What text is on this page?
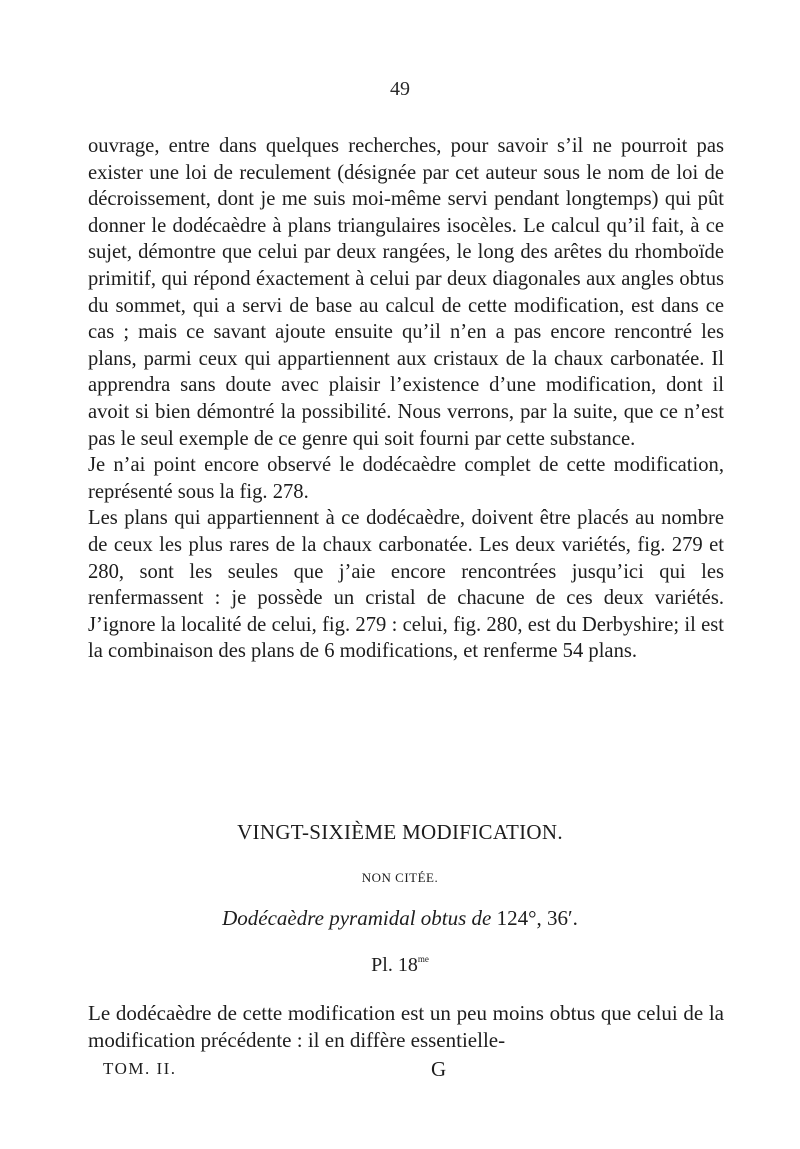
49

ouvrage, entre dans quelques recherches, pour savoir s’il ne pourroit pas exister une loi de reculement (désignée par cet auteur sous le nom de loi de décroissement, dont je me suis moi-même servi pendant longtemps) qui pût donner le dodécaèdre à plans triangulaires isocèles. Le calcul qu’il fait, à ce sujet, démontre que celui par deux rangées, le long des arêtes du rhomboïde primitif, qui répond éxactement à celui par deux diagonales aux angles obtus du sommet, qui a servi de base au calcul de cette modification, est dans ce cas ; mais ce savant ajoute ensuite qu’il n’en a pas encore rencontré les plans, parmi ceux qui appartiennent aux cristaux de la chaux carbonatée. Il apprendra sans doute avec plaisir l’existence d’une modification, dont il avoit si bien démontré la possibilité. Nous verrons, par la suite, que ce n’est pas le seul exemple de ce genre qui soit fourni par cette substance.

Je n’ai point encore observé le dodécaèdre complet de cette modification, représenté sous la fig. 278.

Les plans qui appartiennent à ce dodécaèdre, doivent être placés au nombre de ceux les plus rares de la chaux carbonatée. Les deux variétés, fig. 279 et 280, sont les seules que j’aie encore rencontrées jusqu’ici qui les renfermassent : je possède un cristal de chacune de ces deux variétés. J’ignore la localité de celui, fig. 279 : celui, fig. 280, est du Derbyshire; il est la combinaison des plans de 6 modifications, et renferme 54 plans.

VINGT-SIXIÈME MODIFICATION.
NON CITÉE.
Dodécaèdre pyramidal obtus de 124°, 36′.
Pl. $18^{me}$
Le dodécaèdre de cette modification est un peu moins obtus que celui de la modification précédente : il en diffère essentielle-
TOM. II.	G
